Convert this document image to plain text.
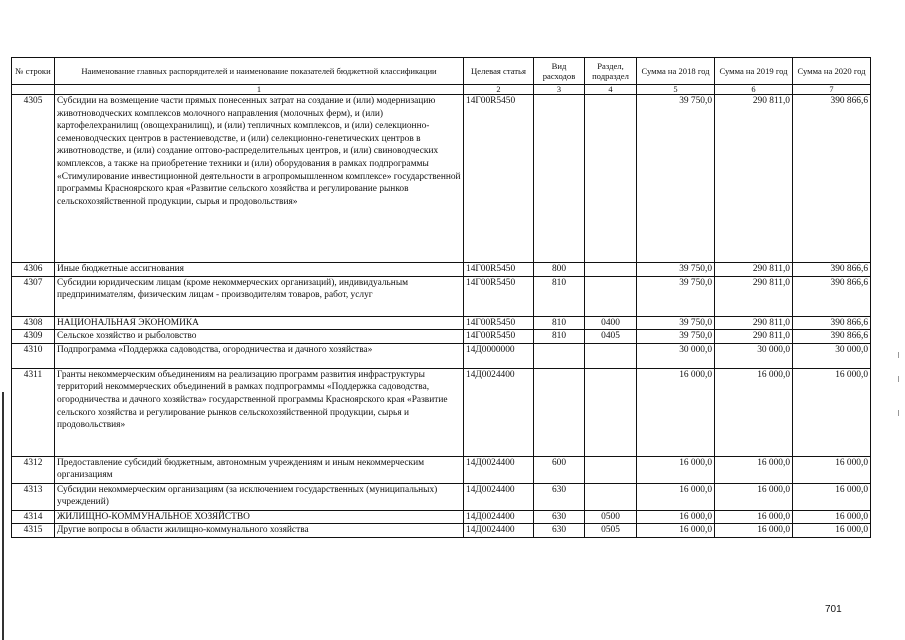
№ строки	Наименование главных распорядителей и наименование показателей бюджетной классификации	Целевая статья	Вид расходов	Раздел, подраздел	Сумма на 2018 год	Сумма на 2019 год	Сумма на 2020 год
	1	2	3	4	5	6	7
4305	Субсидии на возмещение части прямых понесенных затрат на создание и (или) модернизацию животноводческих комплексов молочного направления (молочных ферм), и (или) картофелехранилищ (овощехранилищ), и (или) тепличных комплексов, и (или) селекционно-семеноводческих центров в растениеводстве, и (или) селекционно-генетических центров в животноводстве, и (или) создание оптово-распределительных центров, и (или) свиноводческих комплексов, а также на приобретение техники и (или) оборудования в рамках подпрограммы «Стимулирование инвестиционной деятельности в агропромышленном комплексе» государственной программы Красноярского края «Развитие сельского хозяйства и регулирование рынков сельскохозяйственной продукции, сырья и продовольствия»	14Г00R5450			39 750,0	290 811,0	390 866,6
4306	Иные бюджетные ассигнования	14Г00R5450	800		39 750,0	290 811,0	390 866,6
4307	Субсидии юридическим лицам (кроме некоммерческих организаций), индивидуальным предпринимателям, физическим лицам - производителям товаров, работ, услуг	14Г00R5450	810		39 750,0	290 811,0	390 866,6
4308	НАЦИОНАЛЬНАЯ ЭКОНОМИКА	14Г00R5450	810	0400	39 750,0	290 811,0	390 866,6
4309	Сельское хозяйство и рыболовство	14Г00R5450	810	0405	39 750,0	290 811,0	390 866,6
4310	Подпрограмма «Поддержка садоводства, огородничества и дачного хозяйства»	14Д0000000			30 000,0	30 000,0	30 000,0
4311	Гранты некоммерческим объединениям на реализацию программ развития инфраструктуры территорий некоммерческих объединений в рамках подпрограммы «Поддержка садоводства, огородничества и дачного хозяйства» государственной программы Красноярского края «Развитие сельского хозяйства и регулирование рынков сельскохозяйственной продукции, сырья и продовольствия»	14Д0024400			16 000,0	16 000,0	16 000,0
4312	Предоставление субсидий бюджетным, автономным учреждениям и иным некоммерческим организациям	14Д0024400	600		16 000,0	16 000,0	16 000,0
4313	Субсидии некоммерческим организациям (за исключением государственных (муниципальных) учреждений)	14Д0024400	630		16 000,0	16 000,0	16 000,0
4314	ЖИЛИЩНО-КОММУНАЛЬНОЕ ХОЗЯЙСТВО	14Д0024400	630	0500	16 000,0	16 000,0	16 000,0
4315	Другие вопросы в области жилищно-коммунального хозяйства	14Д0024400	630	0505	16 000,0	16 000,0	16 000,0
701
